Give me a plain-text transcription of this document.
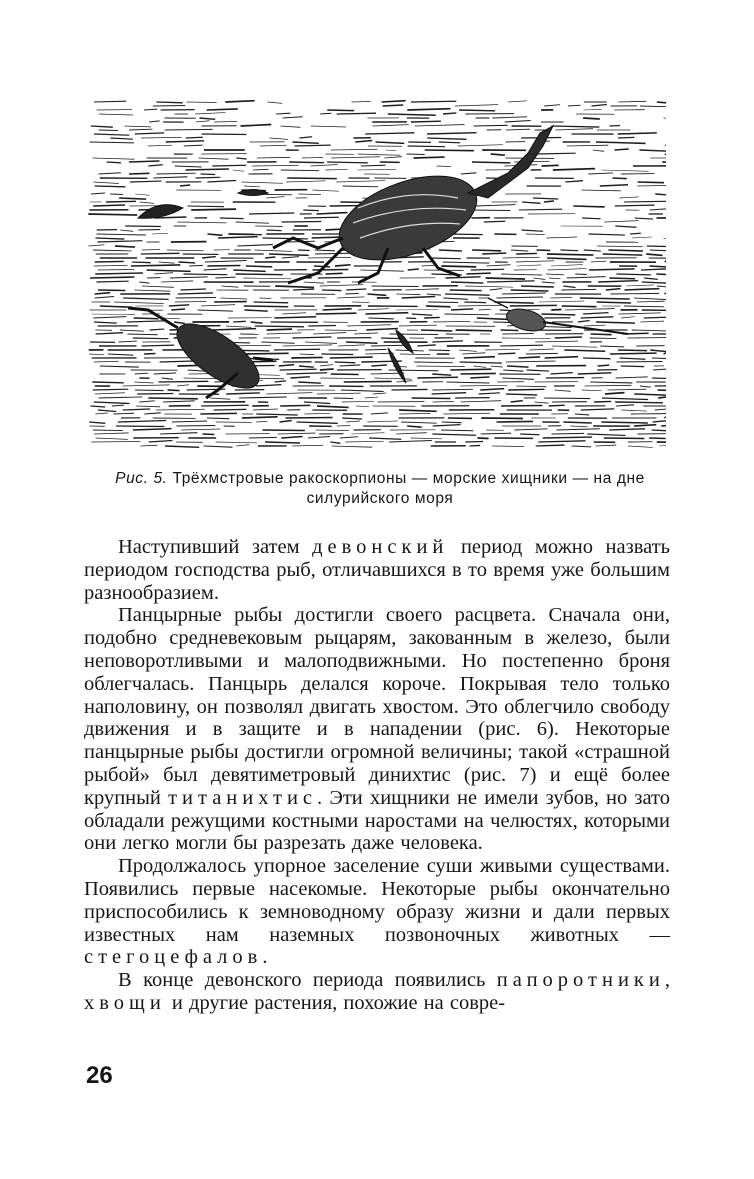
Рис. 5. Трёхмстровые ракоскорпионы — морские хищники — на дне силурийского моря

Наступивший затем девонский период можно назвать периодом господства рыб, отличавшихся в то время уже большим разнообразием.

Панцырные рыбы достигли своего расцвета. Сначала они, подобно средневековым рыцарям, закованным в железо, были неповоротливыми и малоподвижными. Но постепенно броня облегчалась. Панцырь делался короче. Покрывая тело только наполовину, он позволял двигать хвостом. Это облегчило свободу движения и в защите и в нападении (рис. 6). Некоторые панцырные рыбы достигли огромной величины; такой «страшной рыбой» был девятиметровый динихтис (рис. 7) и ещё более крупный титанихтис. Эти хищники не имели зубов, но зато обладали режущими костными наростами на челюстях, которыми они легко могли бы разрезать даже человека.

Продолжалось упорное заселение суши живыми существами. Появились первые насекомые. Некоторые рыбы окончательно приспособились к земноводному образу жизни и дали первых известных нам наземных позвоночных животных — стегоцефалов.

В конце девонского периода появились папоротники, хвощи и другие растения, похожие на совре-

26
